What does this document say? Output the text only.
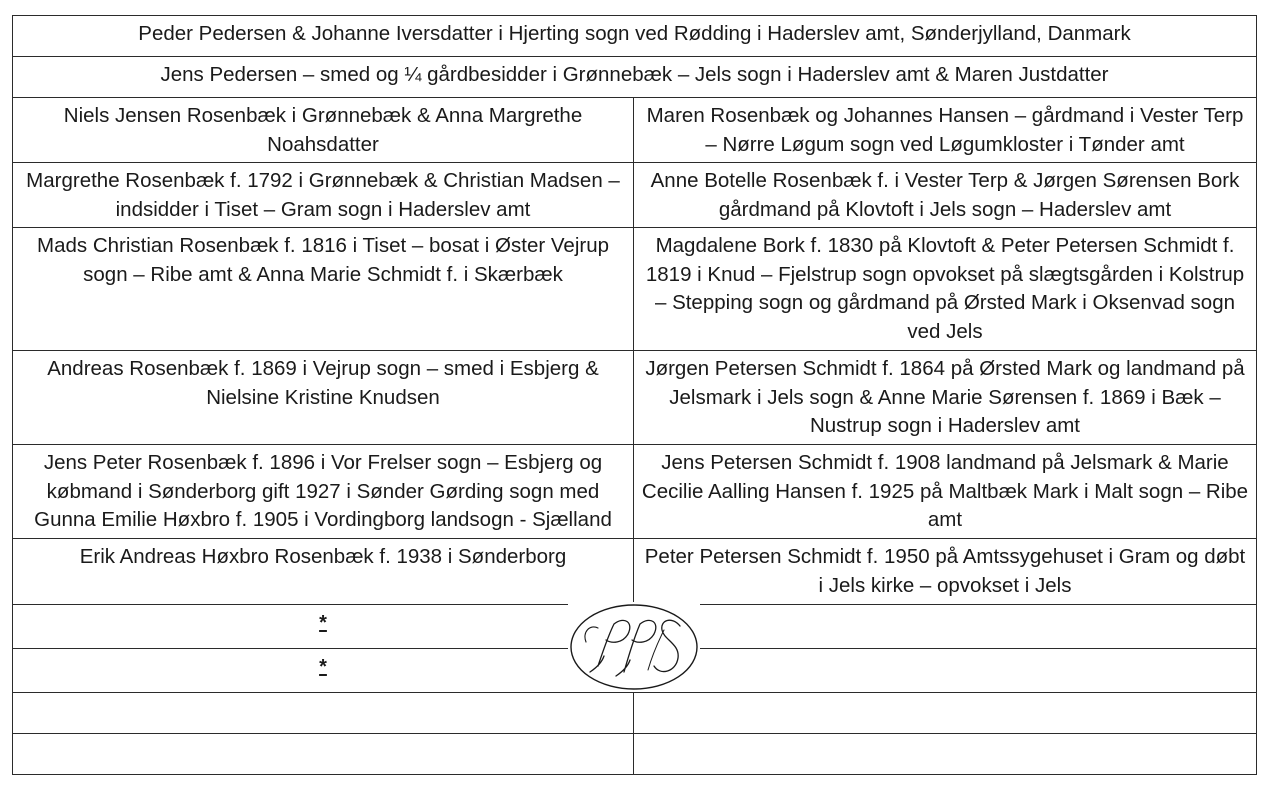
Peder Pedersen & Johanne Iversdatter i Hjerting sogn ved Rødding i Haderslev amt, Sønderjylland, Danmark	
Jens Pedersen – smed og ¼ gårdbesidder i Grønnebæk – Jels sogn i Haderslev amt & Maren Justdatter	
Niels Jensen Rosenbæk i Grønnebæk & Anna Margrethe Noahsdatter	Maren Rosenbæk og Johannes Hansen – gårdmand i Vester Terp – Nørre Løgum sogn ved Løgumkloster i Tønder amt
Margrethe Rosenbæk f. 1792 i Grønnebæk & Christian Madsen – indsidder i Tiset – Gram sogn i Haderslev amt	Anne Botelle Rosenbæk f. i Vester Terp & Jørgen Sørensen Bork gårdmand på Klovtoft i Jels sogn – Haderslev amt
Mads Christian Rosenbæk f. 1816 i Tiset – bosat i Øster Vejrup sogn – Ribe amt & Anna Marie Schmidt f. i Skærbæk	Magdalene Bork f. 1830 på Klovtoft & Peter Petersen Schmidt f. 1819 i Knud – Fjelstrup sogn opvokset på slægtsgården i Kolstrup – Stepping sogn og gårdmand på Ørsted Mark i Oksenvad sogn ved Jels
Andreas Rosenbæk f. 1869 i Vejrup sogn – smed i Esbjerg & Nielsine Kristine Knudsen	Jørgen Petersen Schmidt f. 1864 på Ørsted Mark og landmand på Jelsmark i Jels sogn & Anne Marie Sørensen f. 1869 i Bæk – Nustrup sogn i Haderslev amt
Jens Peter Rosenbæk f. 1896 i Vor Frelser sogn – Esbjerg og købmand i Sønderborg gift 1927 i Sønder Gørding sogn med Gunna Emilie Høxbro f. 1905 i Vordingborg landsogn - Sjælland	Jens Petersen Schmidt f. 1908 landmand på Jelsmark & Marie Cecilie Aalling Hansen f. 1925 på Maltbæk Mark i Malt sogn – Ribe amt
Erik Andreas Høxbro Rosenbæk f. 1938 i Sønderborg	Peter Petersen Schmidt f. 1950 på Amtssygehuset i Gram og døbt i Jels kirke – opvokset i Jels
*	
*	
